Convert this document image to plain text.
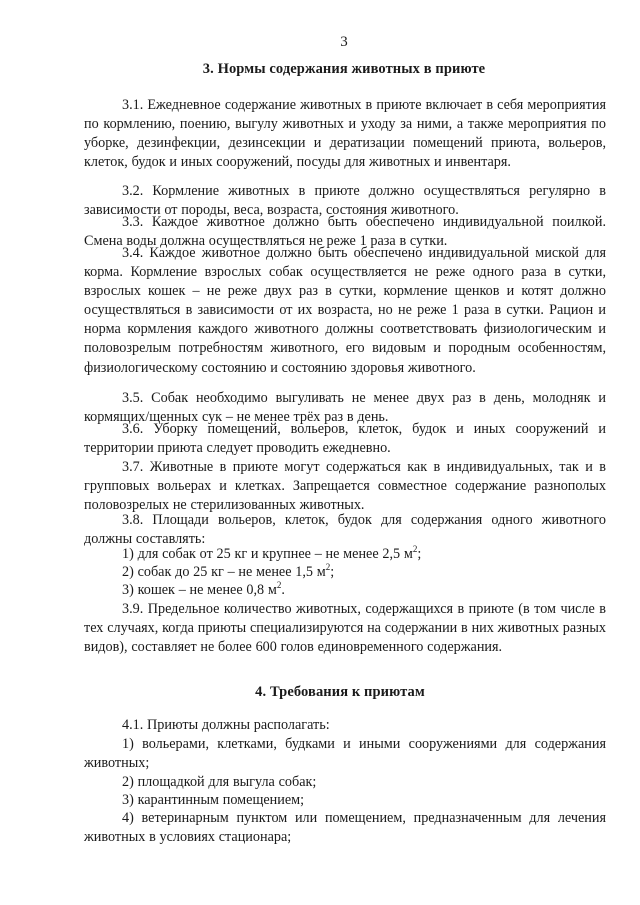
3
3. Нормы содержания животных в приюте
3.1. Ежедневное содержание животных в приюте включает в себя мероприятия по кормлению, поению, выгулу животных и уходу за ними, а также мероприятия по уборке, дезинфекции, дезинсекции и дератизации помещений приюта, вольеров, клеток, будок и иных сооружений, посуды для животных и инвентаря.
3.2. Кормление животных в приюте должно осуществляться регулярно в зависимости от породы, веса, возраста, состояния животного.
3.3. Каждое животное должно быть обеспечено индивидуальной поилкой. Смена воды должна осуществляться не реже 1 раза в сутки.
3.4. Каждое животное должно быть обеспечено индивидуальной миской для корма. Кормление взрослых собак осуществляется не реже одного раза в сутки, взрослых кошек – не реже двух раз в сутки, кормление щенков и котят должно осуществляться в зависимости от их возраста, но не реже 1 раза в сутки. Рацион и норма кормления каждого животного должны соответствовать физиологическим и половозрелым потребностям животного, его видовым и породным особенностям, физиологическому состоянию и состоянию здоровья животного.
3.5. Собак необходимо выгуливать не менее двух раз в день, молодняк и кормящих/щенных сук – не менее трёх раз в день.
3.6. Уборку помещений, вольеров, клеток, будок и иных сооружений и территории приюта следует проводить ежедневно.
3.7. Животные в приюте могут содержаться как в индивидуальных, так и в групповых вольерах и клетках. Запрещается совместное содержание разнополых половозрелых не стерилизованных животных.
3.8. Площади вольеров, клеток, будок для содержания одного животного должны составлять:
1) для собак от 25 кг и крупнее – не менее 2,5 $м^2$;
2) собак до 25 кг – не менее 1,5 $м^2$;
3) кошек – не менее 0,8 $м^2$.
3.9. Предельное количество животных, содержащихся в приюте (в том числе в тех случаях, когда приюты специализируются на содержании в них животных разных видов), составляет не более 600 голов единовременного содержания.
4. Требования к приютам
4.1. Приюты должны располагать:
1) вольерами, клетками, будками и иными сооружениями для содержания животных;
2) площадкой для выгула собак;
3) карантинным помещением;
4) ветеринарным пунктом или помещением, предназначенным для лечения животных в условиях стационара;
